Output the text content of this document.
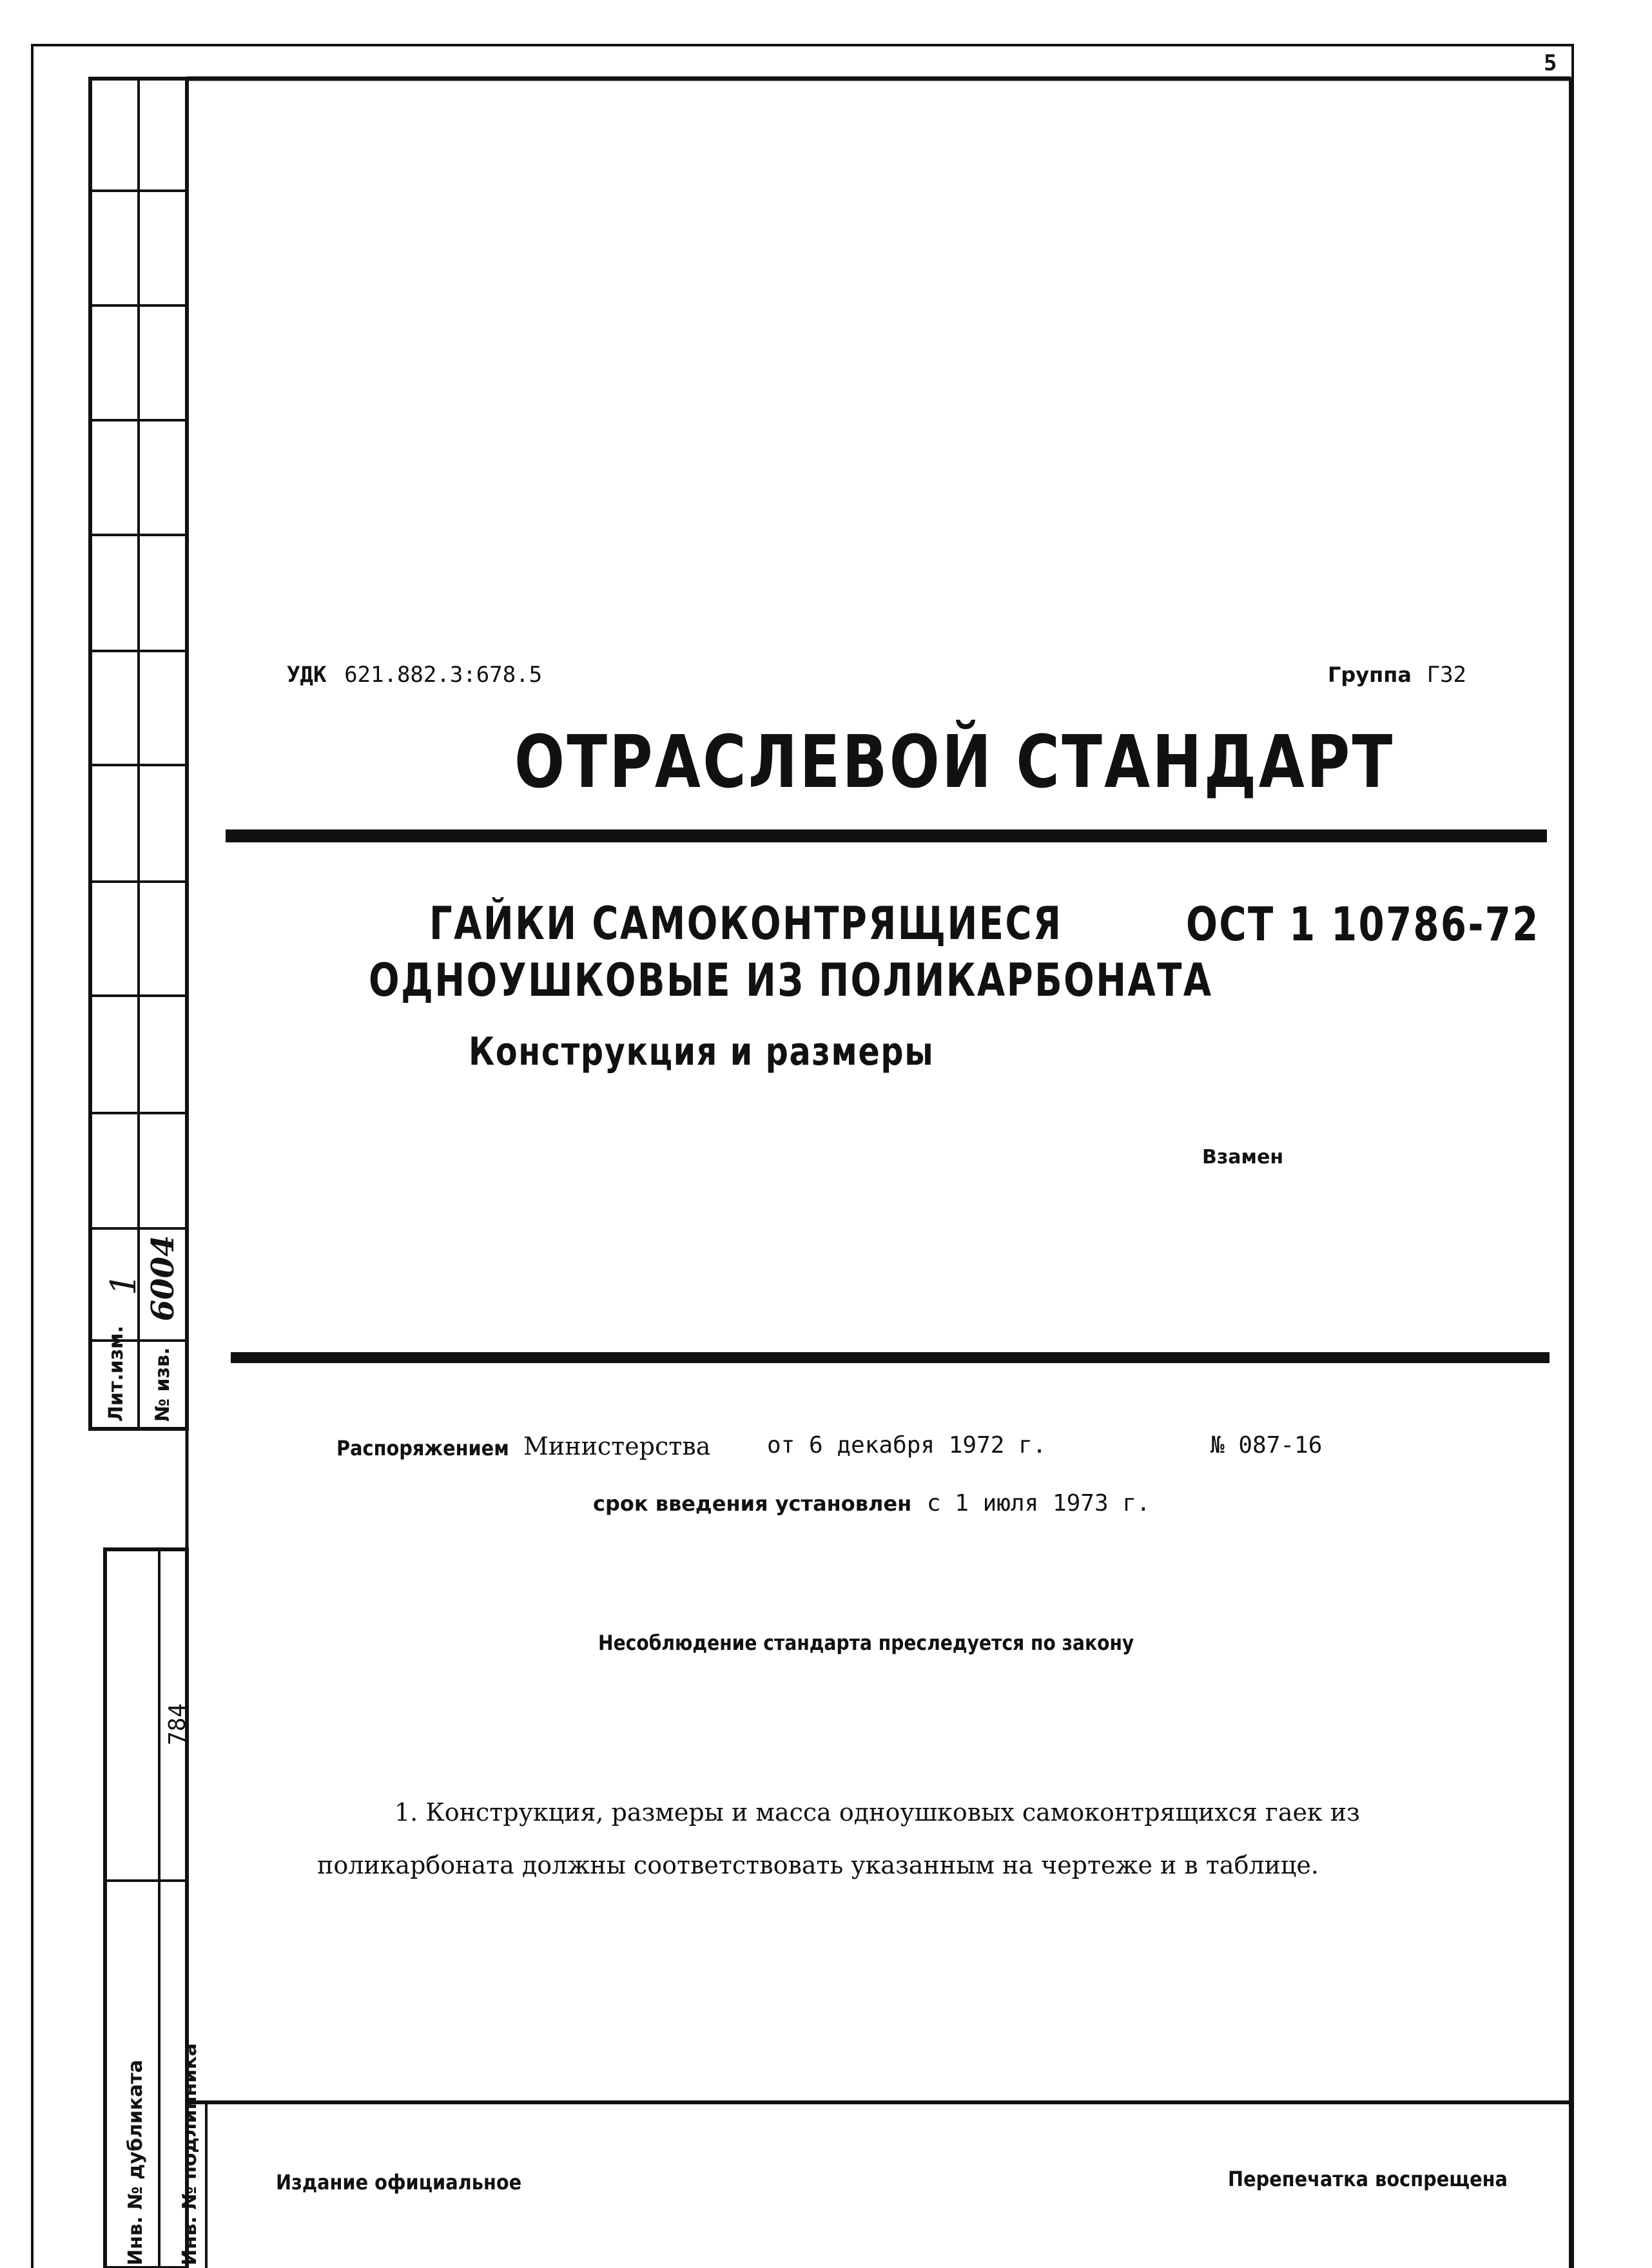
5
УДК 621.882.3:678.5	Группа Г32
ОТРАСЛЕВОЙ СТАНДАРТ
ГАЙКИ САМОКОНТРЯЩИЕСЯ
ОДНОУШКОВЫЕ ИЗ ПОЛИКАРБОНАТА
Конструкция и размеры
ОСТ 1 10786-72
Взамен
Распоряжением Министерства от 6 декабря 1972 г.	№ 087-16
срок введения установлен с 1 июля 1973 г.
Несоблюдение стандарта преследуется по закону
1. Конструкция, размеры и масса одноушковых самоконтрящихся гаек из
поликарбоната должны соответствовать указанным на чертеже и в таблице.
Издание официальное	Перепечатка воспрещена
Лит.изм. № изв.
1 6004
784
Инв. № дубликата Инв. № подлинника
